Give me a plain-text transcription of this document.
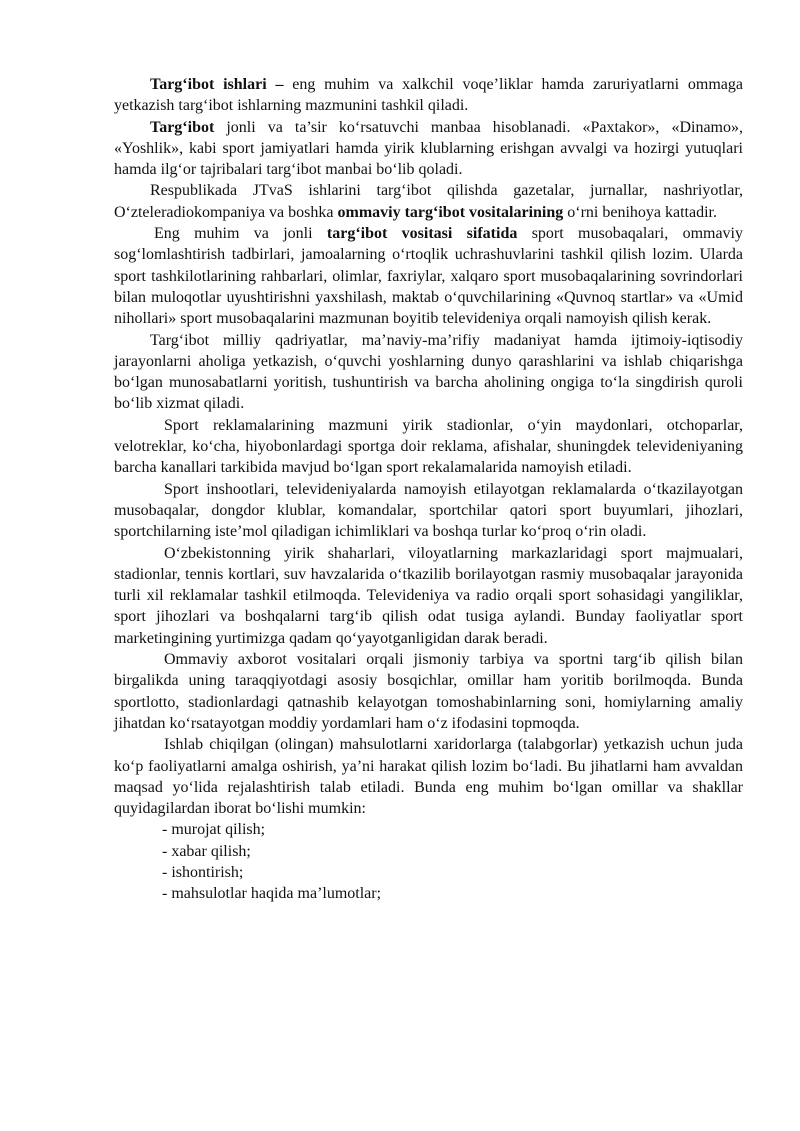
Targ‘ibot ishlari – eng muhim va xalkchil voqe’liklar hamda zaruriyatlarni ommaga yetkazish targ‘ibot ishlarning mazmunini tashkil qiladi.

Targ‘ibot jonli va ta’sir ko‘rsatuvchi manbaa hisoblanadi. «Paxtakor», «Dinamo», «Yoshlik», kabi sport jamiyatlari hamda yirik klublarning erishgan avvalgi va hozirgi yutuqlari hamda ilg‘or tajribalari targ‘ibot manbai bo‘lib qoladi.

Respublikada JTvaS ishlarini targ‘ibot qilishda gazetalar, jurnallar, nashriyotlar, O‘zteleradiokompaniya va boshka ommaviy targ‘ibot vositalarining o‘rni benihoya kattadir.

Eng muhim va jonli targ‘ibot vositasi sifatida sport musobaqalari, ommaviy sog‘lomlashtirish tadbirlari, jamoalarning o‘rtoqlik uchrashuvlarini tashkil qilish lozim. Ularda sport tashkilotlarining rahbarlari, olimlar, faxriylar, xalqaro sport musobaqalarining sovrindorlari bilan muloqotlar uyushtirishni yaxshilash, maktab o‘quvchilarining «Quvnoq startlar» va «Umid nihollari» sport musobaqalarini mazmunan boyitib televideniya orqali namoyish qilish kerak.

Targ‘ibot milliy qadriyatlar, ma’naviy-ma’rifiy madaniyat hamda ijtimoiy-iqtisodiy jarayonlarni aholiga yetkazish, o‘quvchi yoshlarning dunyo qarashlarini va ishlab chiqarishga bo‘lgan munosabatlarni yoritish, tushuntirish va barcha aholining ongiga to‘la singdirish quroli bo‘lib xizmat qiladi.

Sport reklamalarining mazmuni yirik stadionlar, o‘yin maydonlari, otchoparlar, velotreklar, ko‘cha, hiyobonlardagi sportga doir reklama, afishalar, shuningdek televideniyaning barcha kanallari tarkibida mavjud bo‘lgan sport rekalamalarida namoyish etiladi.

Sport inshootlari, televideniyalarda namoyish etilayotgan reklamalarda o‘tkazilayotgan musobaqalar, dongdor klublar, komandalar, sportchilar qatori sport buyumlari, jihozlari, sportchilarning iste’mol qiladigan ichimliklari va boshqa turlar ko‘proq o‘rin oladi.

O‘zbekistonning yirik shaharlari, viloyatlarning markazlaridagi sport majmualari, stadionlar, tennis kortlari, suv havzalarida o‘tkazilib borilayotgan rasmiy musobaqalar jarayonida turli xil reklamalar tashkil etilmoqda. Televideniya va radio orqali sport sohasidagi yangiliklar, sport jihozlari va boshqalarni targ‘ib qilish odat tusiga aylandi. Bunday faoliyatlar sport marketingining yurtimizga qadam qo‘yayotganligidan darak beradi.

Ommaviy axborot vositalari orqali jismoniy tarbiya va sportni targ‘ib qilish bilan birgalikda uning taraqqiyotdagi asosiy bosqichlar, omillar ham yoritib borilmoqda. Bunda sportlotto, stadionlardagi qatnashib kelayotgan tomoshabinlarning soni, homiylarning amaliy jihatdan ko‘rsatayotgan moddiy yordamlari ham o‘z ifodasini topmoqda.

Ishlab chiqilgan (olingan) mahsulotlarni xaridorlarga (talabgorlar) yetkazish uchun juda ko‘p faoliyatlarni amalga oshirish, ya’ni harakat qilish lozim bo‘ladi. Bu jihatlarni ham avvaldan maqsad yo‘lida rejalashtirish talab etiladi. Bunda eng muhim bo‘lgan omillar va shakllar quyidagilardan iborat bo‘lishi mumkin:

- murojat qilish;
- xabar qilish;
- ishontirish;
- mahsulotlar haqida ma’lumotlar;
